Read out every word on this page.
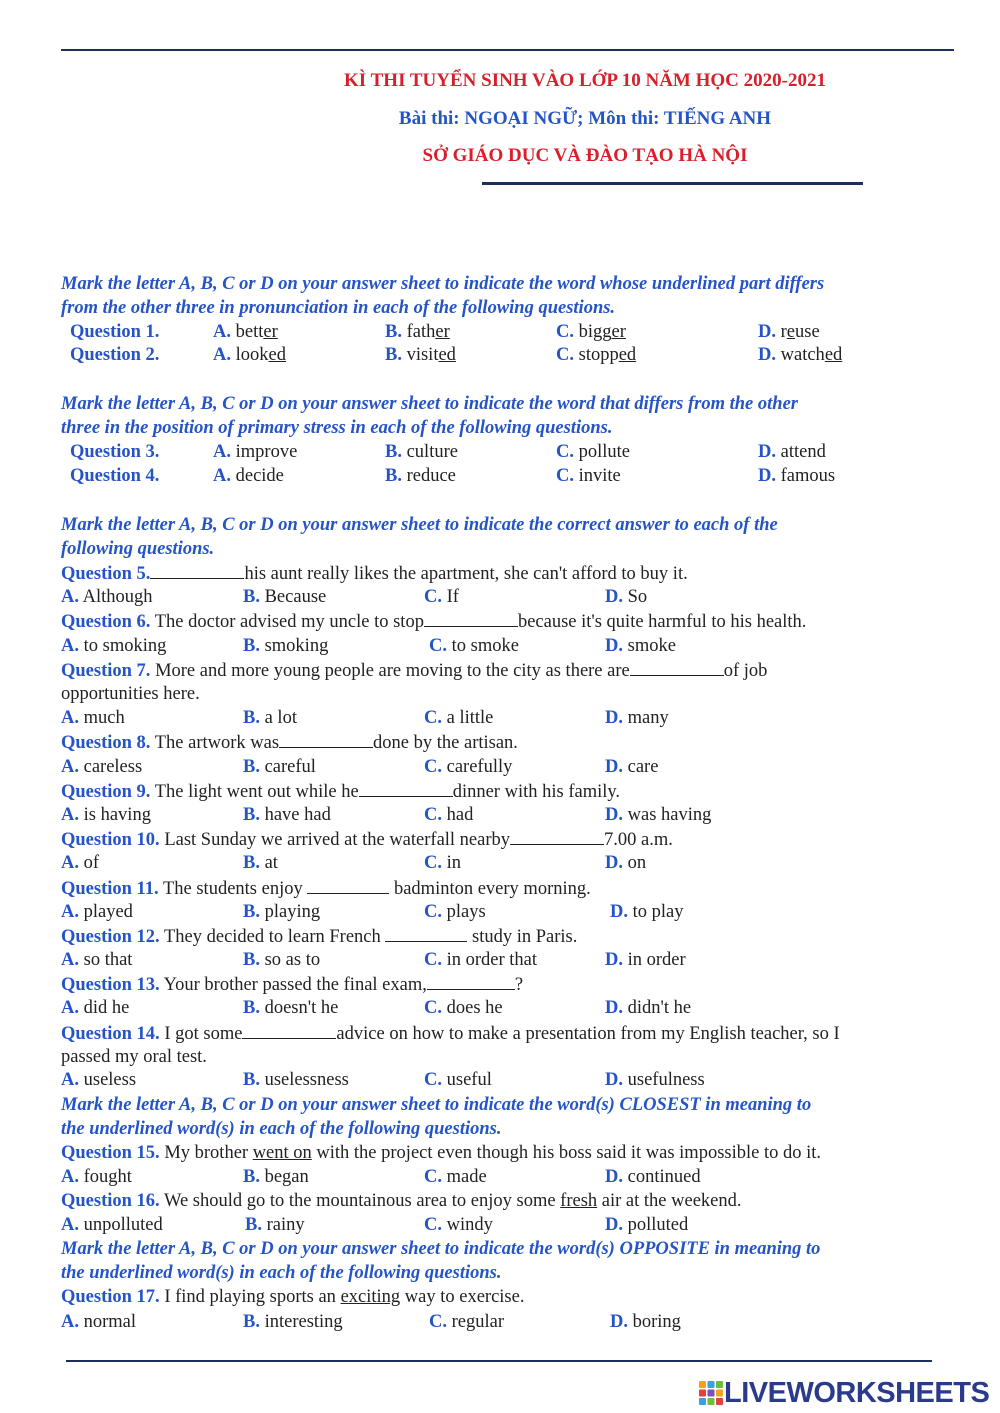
KÌ THI TUYỂN SINH VÀO LỚP 10 NĂM HỌC 2020-2021
Bài thi: NGOẠI NGỮ; Môn thi: TIẾNG ANH
SỞ GIÁO DỤC VÀ ĐÀO TẠO HÀ NỘI
Mark the letter A, B, C or D on your answer sheet to indicate the word whose underlined part differs
from the other three in pronunciation in each of the following questions.
Question 1.	A. better	B. father	C. bigger	D. reuse
Question 2.	A. looked	B. visited	C. stopped	D. watched
Mark the letter A, B, C or D on your answer sheet to indicate the word that differs from the other
three in the position of primary stress in each of the following questions.
Question 3.	A. improve	B. culture	C. pollute	D. attend
Question 4.	A. decide	B. reduce	C. invite	D. famous
Mark the letter A, B, C or D on your answer sheet to indicate the correct answer to each of the
following questions.
Question 5.	his aunt really likes the apartment, she can't afford to buy it.
A. Although	B. Because	C. If	D. So
Question 6. The doctor advised my uncle to stop	because it's quite harmful to his health.
A. to smoking	B. smoking	C. to smoke	D. smoke
Question 7. More and more young people are moving to the city as there are	of job
opportunities here.
A. much	B. a lot	C. a little	D. many
Question 8. The artwork was	done by the artisan.
A. careless	B. careful	C. carefully	D. care
Question 9. The light went out while he	dinner with his family.
A. is having	B. have had	C. had	D. was having
Question 10. Last Sunday we arrived at the waterfall nearby	7.00 a.m.
A. of	B. at	C. in	D. on
Question 11. The students enjoy	badminton every morning.
A. played	B. playing	C. plays	D. to play
Question 12. They decided to learn French	study in Paris.
A. so that	B. so as to	C. in order that	D. in order
Question 13. Your brother passed the final exam,	?
A. did he	B. doesn't he	C. does he	D. didn't he
Question 14. I got some	advice on how to make a presentation from my English teacher, so I
passed my oral test.
A. useless	B. uselessness	C. useful	D. usefulness
Mark the letter A, B, C or D on your answer sheet to indicate the word(s) CLOSEST in meaning to
the underlined word(s) in each of the following questions.
Question 15. My brother went on with the project even though his boss said it was impossible to do it.
A. fought	B. began	C. made	D. continued
Question 16. We should go to the mountainous area to enjoy some fresh air at the weekend.
A. unpolluted	B. rainy	C. windy	D. polluted
Mark the letter A, B, C or D on your answer sheet to indicate the word(s) OPPOSITE in meaning to
the underlined word(s) in each of the following questions.
Question 17. I find playing sports an exciting way to exercise.
A. normal	B. interesting	C. regular	D. boring
LIVEWORKSHEETS
